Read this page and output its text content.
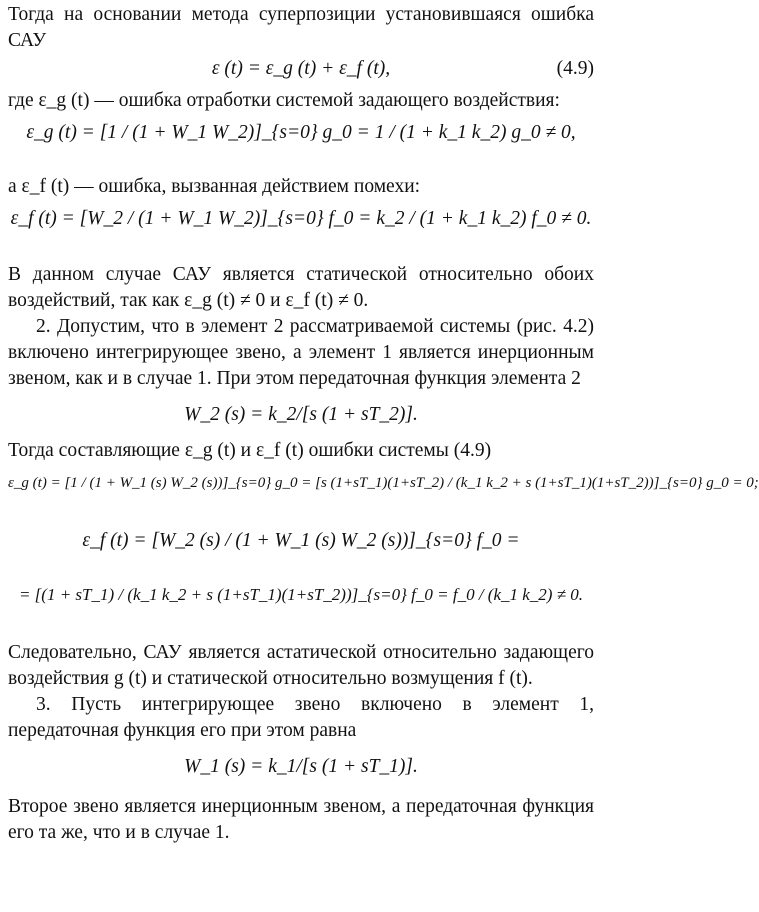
Тогда на основании метода суперпозиции установившаяся ошибка САУ

ε (t) = ε_g (t) + ε_f (t),	(4.9)

где ε_g (t) — ошибка отработки системой задающего воздействия:

ε_g (t) = [1 / (1 + W_1 W_2)]_{s=0} g_0 = 1 / (1 + k_1 k_2) g_0 ≠ 0,

а ε_f (t) — ошибка, вызванная действием помехи:

ε_f (t) = [W_2 / (1 + W_1 W_2)]_{s=0} f_0 = k_2 / (1 + k_1 k_2) f_0 ≠ 0.

В данном случае САУ является статической относительно обоих воздействий, так как ε_g (t) ≠ 0 и ε_f (t) ≠ 0.

2. Допустим, что в элемент 2 рассматриваемой системы (рис. 4.2) включено интегрирующее звено, а элемент 1 является инерционным звеном, как и в случае 1. При этом передаточная функция элемента 2

W_2 (s) = k_2/[s (1 + sT_2)].

Тогда составляющие ε_g (t) и ε_f (t) ошибки системы (4.9)

ε_g (t) = [1 / (1 + W_1 (s) W_2 (s))]_{s=0} g_0 = [s (1+sT_1)(1+sT_2) / (k_1 k_2 + s (1+sT_1)(1+sT_2))]_{s=0} g_0 = 0;
ε_f (t) = [W_2 (s) / (1 + W_1 (s) W_2 (s))]_{s=0} f_0 =
= [(1 + sT_1) / (k_1 k_2 + s (1+sT_1)(1+sT_2))]_{s=0} f_0 = f_0 / (k_1 k_2) ≠ 0.

Следовательно, САУ является астатической относительно задающего воздействия g (t) и статической относительно возмущения f (t).

3. Пусть интегрирующее звено включено в элемент 1, передаточная функция его при этом равна

W_1 (s) = k_1/[s (1 + sT_1)].

Второе звено является инерционным звеном, а передаточная функция его та же, что и в случае 1.
